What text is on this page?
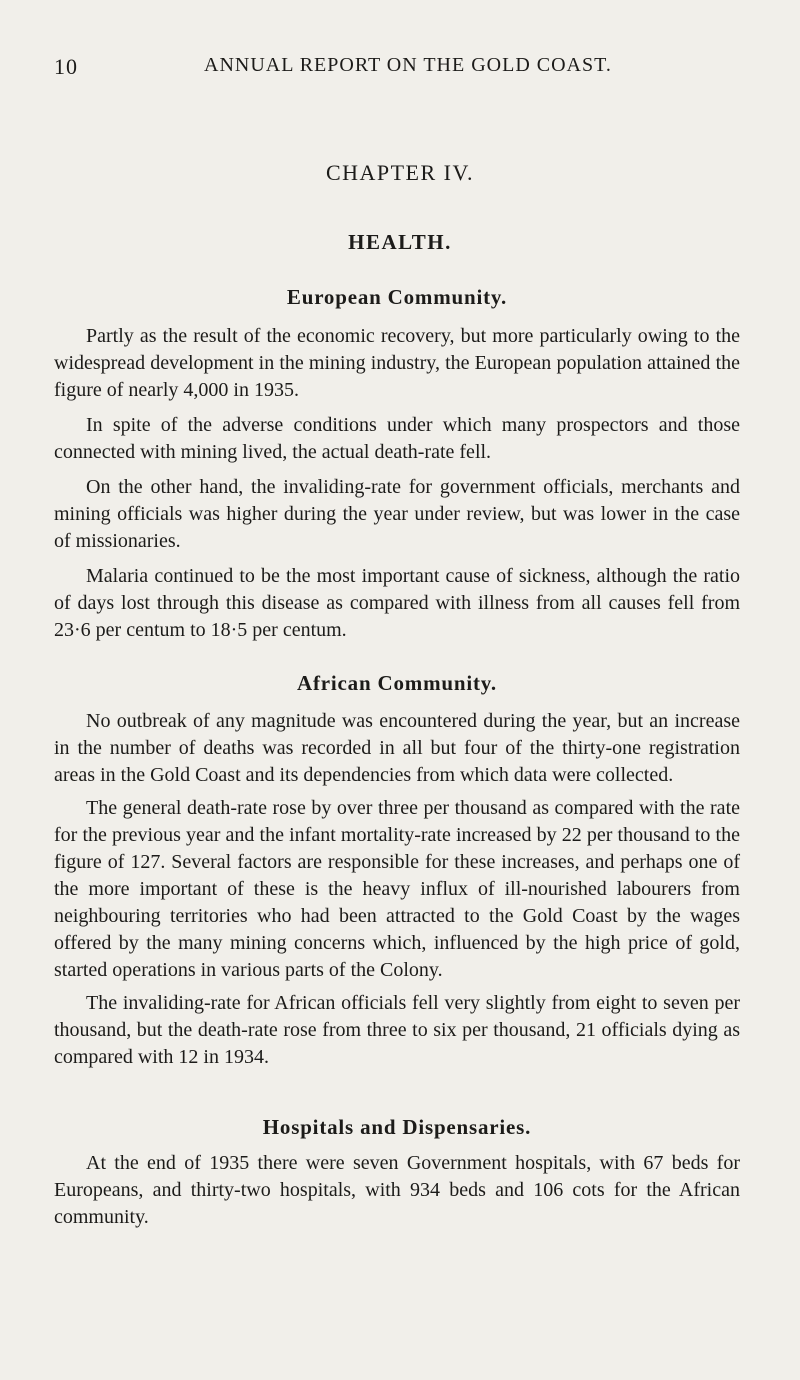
10	ANNUAL REPORT ON THE GOLD COAST.
CHAPTER IV.
HEALTH.
European Community.

Partly as the result of the economic recovery, but more particularly owing to the widespread development in the mining industry, the European population attained the figure of nearly 4,000 in 1935.

In spite of the adverse conditions under which many prospectors and those connected with mining lived, the actual death-rate fell.

On the other hand, the invaliding-rate for government officials, merchants and mining officials was higher during the year under review, but was lower in the case of missionaries.

Malaria continued to be the most important cause of sickness, although the ratio of days lost through this disease as compared with illness from all causes fell from 23·6 per centum to 18·5 per centum.

African Community.

No outbreak of any magnitude was encountered during the year, but an increase in the number of deaths was recorded in all but four of the thirty-one registration areas in the Gold Coast and its dependencies from which data were collected.

The general death-rate rose by over three per thousand as compared with the rate for the previous year and the infant mortality-rate increased by 22 per thousand to the figure of 127. Several factors are responsible for these increases, and perhaps one of the more important of these is the heavy influx of ill-nourished labourers from neighbouring territories who had been attracted to the Gold Coast by the wages offered by the many mining concerns which, influenced by the high price of gold, started operations in various parts of the Colony.

The invaliding-rate for African officials fell very slightly from eight to seven per thousand, but the death-rate rose from three to six per thousand, 21 officials dying as compared with 12 in 1934.

Hospitals and Dispensaries.

At the end of 1935 there were seven Government hospitals, with 67 beds for Europeans, and thirty-two hospitals, with 934 beds and 106 cots for the African community.
